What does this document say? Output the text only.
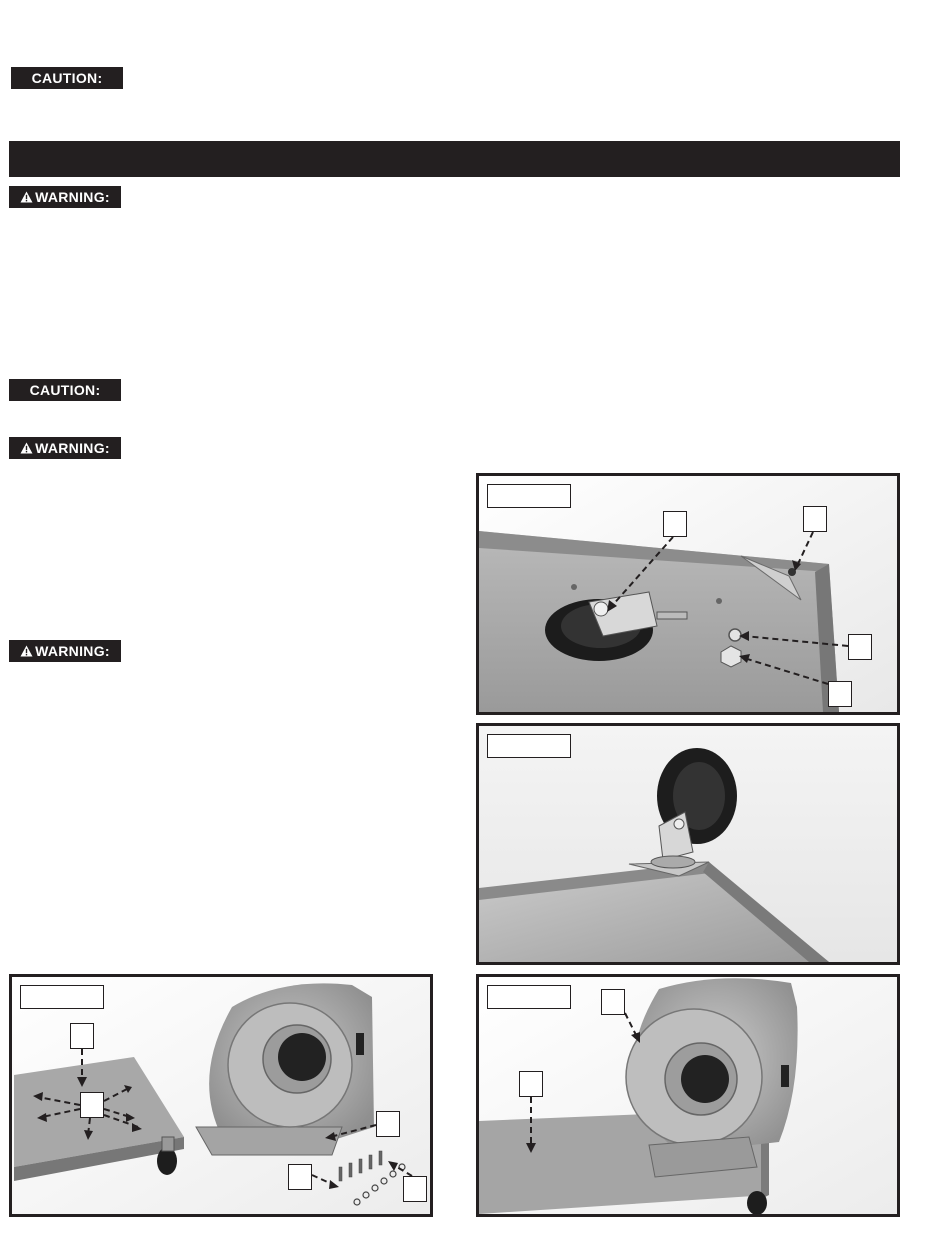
CAUTION:
WARNING:
CAUTION:
WARNING:
WARNING:
